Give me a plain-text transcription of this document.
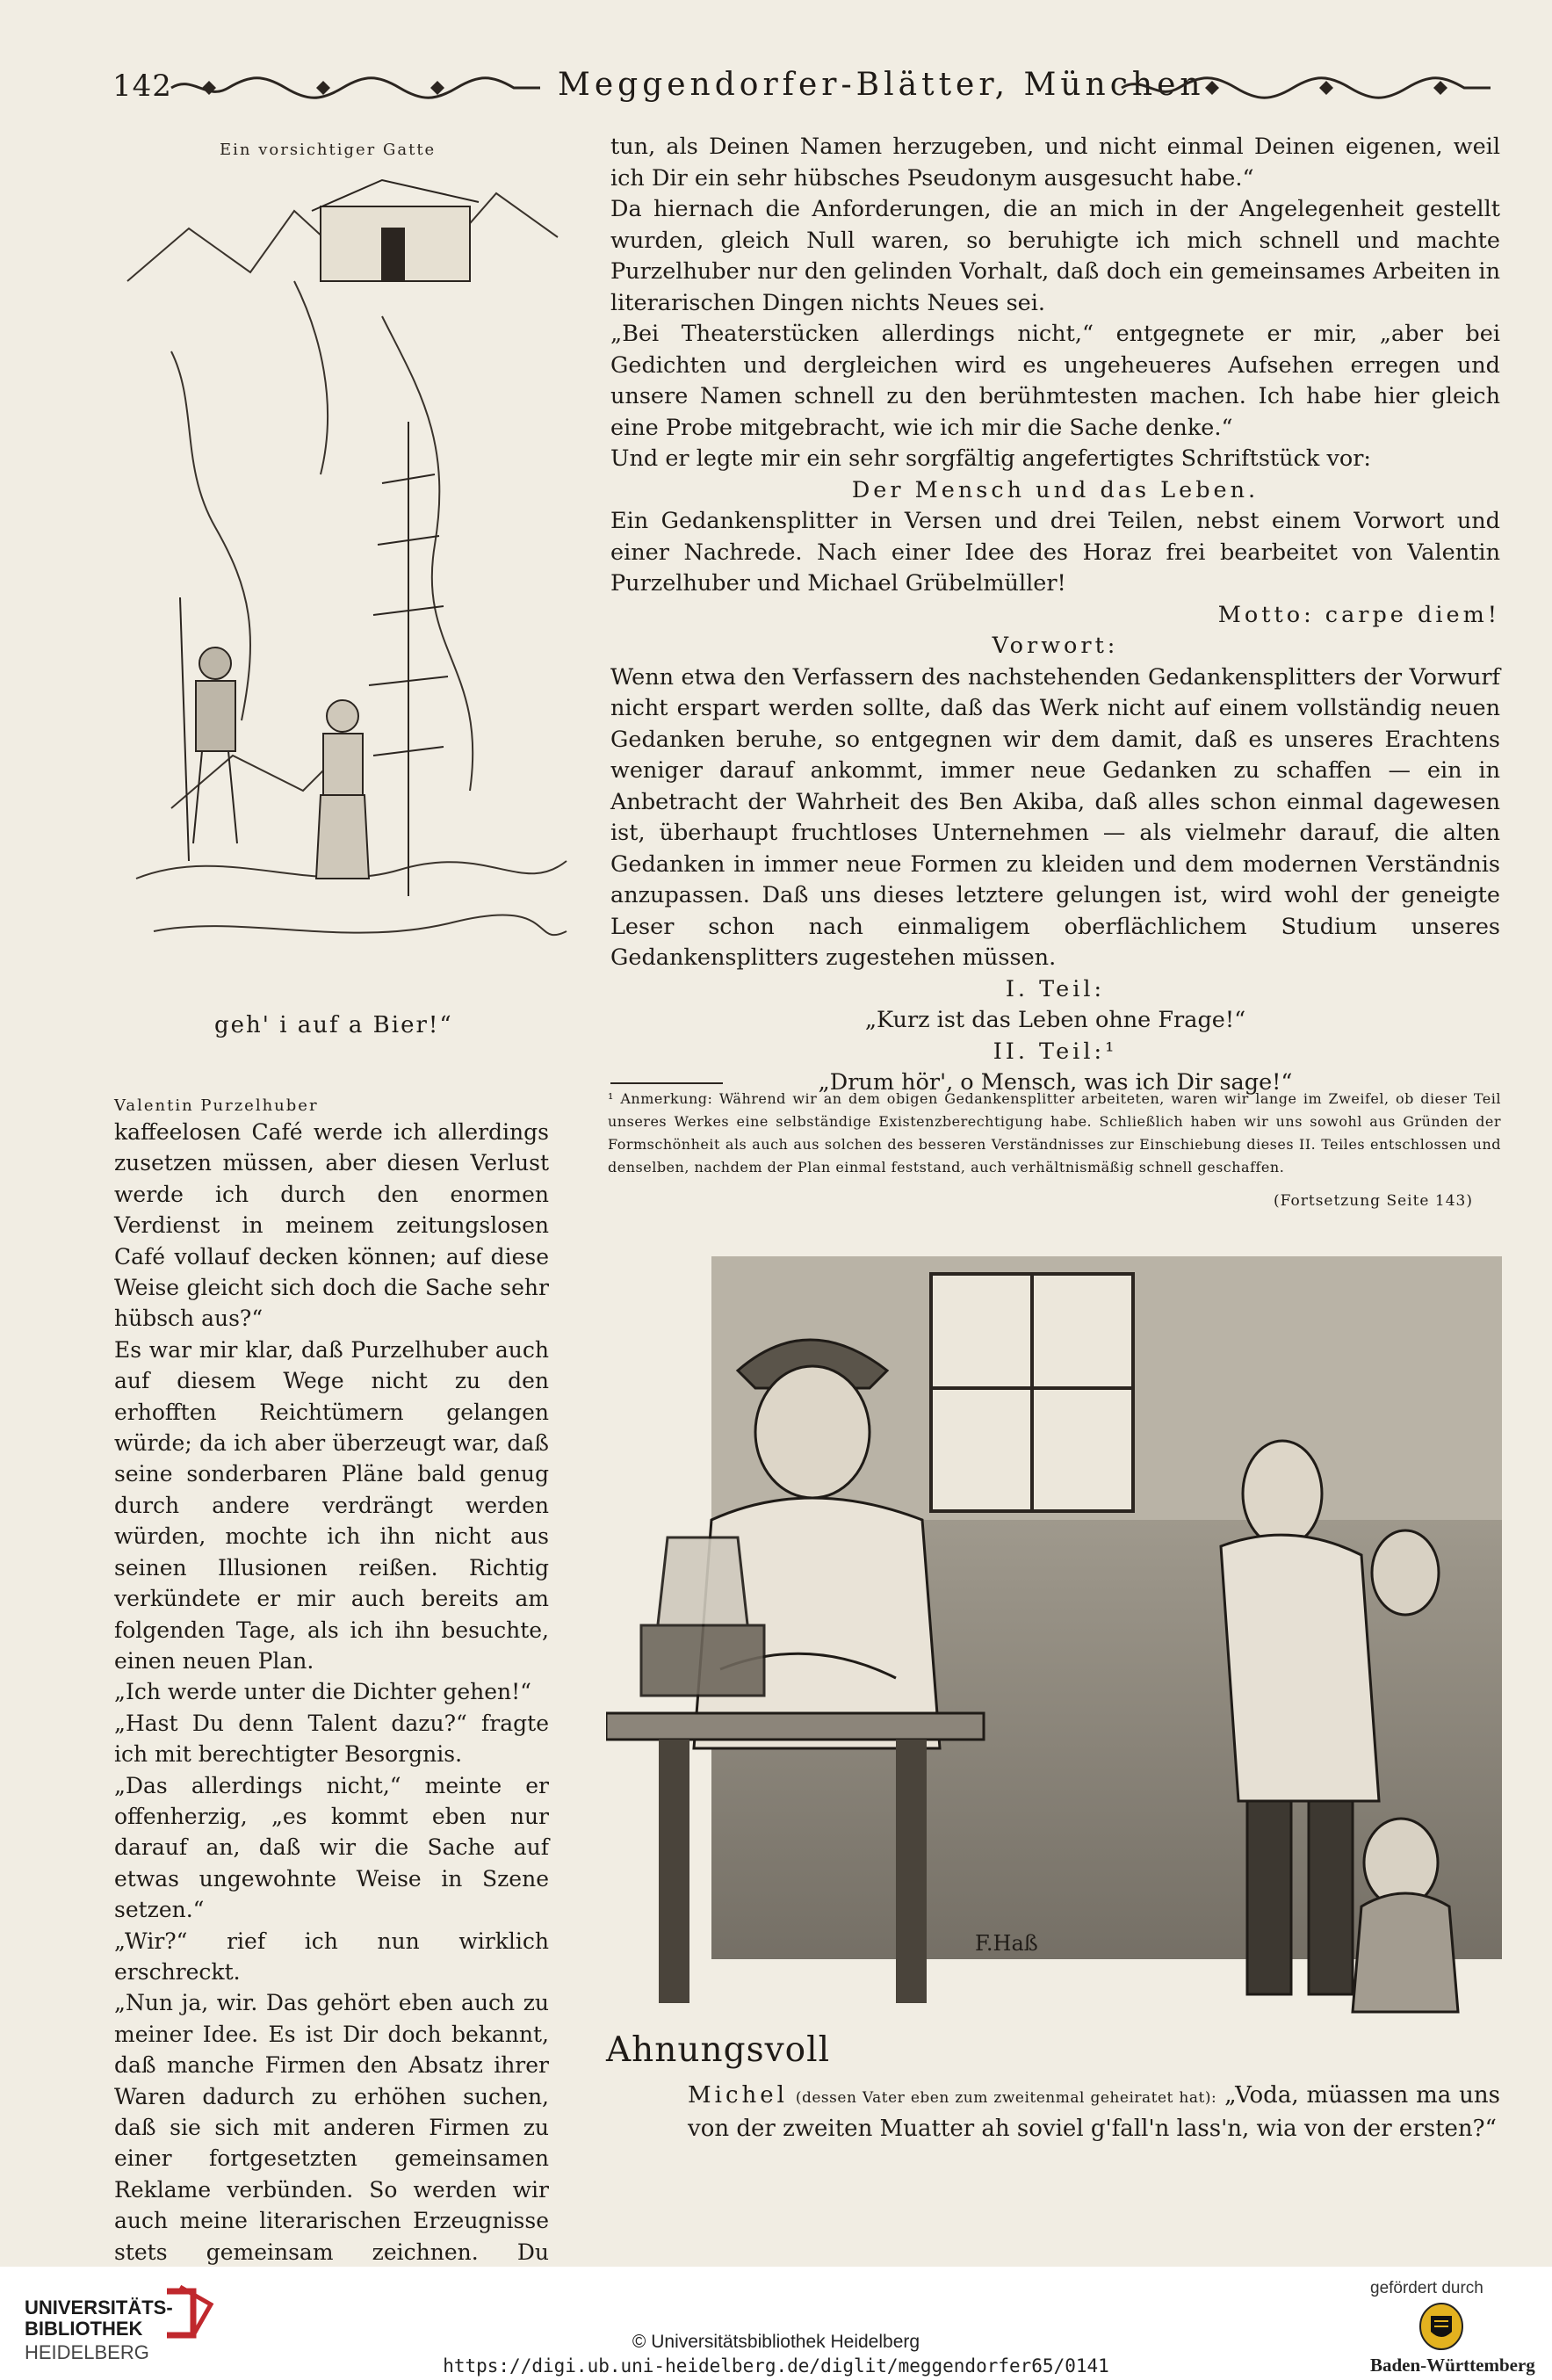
142	Meggendorfer-Blätter, München
Ein vorsichtiger Gatte
geh' i auf a Bier!“
Valentin Purzelhuber

kaffeelosen Café werde ich allerdings zusetzen müssen, aber diesen Verlust werde ich durch den enormen Verdienst in meinem zeitungslosen Café vollauf decken können; auf diese Weise gleicht sich doch die Sache sehr hübsch aus?“

Es war mir klar, daß Purzelhuber auch auf diesem Wege nicht zu den erhofften Reichtümern gelangen würde; da ich aber überzeugt war, daß seine sonderbaren Pläne bald genug durch andere verdrängt werden würden, mochte ich ihn nicht aus seinen Illusionen reißen. Richtig verkündete er mir auch bereits am folgenden Tage, als ich ihn besuchte, einen neuen Plan.

„Ich werde unter die Dichter gehen!“

„Hast Du denn Talent dazu?“ fragte ich mit berechtigter Besorgnis.

„Das allerdings nicht,“ meinte er offenherzig, „es kommt eben nur darauf an, daß wir die Sache auf etwas ungewohnte Weise in Szene setzen.“

„Wir?“ rief ich nun wirklich erschreckt.

„Nun ja, wir. Das gehört eben auch zu meiner Idee. Es ist Dir doch bekannt, daß manche Firmen den Absatz ihrer Waren dadurch zu erhöhen suchen, daß sie sich mit anderen Firmen zu einer fortgesetzten gemeinsamen Reklame verbünden. So werden wir auch meine literarischen Erzeugnisse stets gemeinsam zeichnen. Du

tun, als Deinen Namen herzugeben, und nicht einmal Deinen eigenen, weil ich Dir ein sehr hübsches Pseudonym ausgesucht habe.“

Da hiernach die Anforderungen, die an mich in der Angelegenheit gestellt wurden, gleich Null waren, so beruhigte ich mich schnell und machte Purzelhuber nur den gelinden Vorhalt, daß doch ein gemeinsames Arbeiten in literarischen Dingen nichts Neues sei.

„Bei Theaterstücken allerdings nicht,“ entgegnete er mir, „aber bei Gedichten und dergleichen wird es ungeheueres Aufsehen erregen und unsere Namen schnell zu den berühmtesten machen. Ich habe hier gleich eine Probe mitgebracht, wie ich mir die Sache denke.“

Und er legte mir ein sehr sorgfältig angefertigtes Schriftstück vor:

Der Mensch und das Leben.

Ein Gedankensplitter in Versen und drei Teilen, nebst einem Vorwort und einer Nachrede. Nach einer Idee des Horaz frei bearbeitet von Valentin Purzelhuber und Michael Grübelmüller!

Motto: carpe diem!

Vorwort:

Wenn etwa den Verfassern des nachstehenden Gedankensplitters der Vorwurf nicht erspart werden sollte, daß das Werk nicht auf einem vollständig neuen Gedanken beruhe, so entgegnen wir dem damit, daß es unseres Erachtens weniger darauf ankommt, immer neue Gedanken zu schaffen — ein in Anbetracht der Wahrheit des Ben Akiba, daß alles schon einmal dagewesen ist, überhaupt fruchtloses Unternehmen — als vielmehr darauf, die alten Gedanken in immer neue Formen zu kleiden und dem modernen Verständnis anzupassen. Daß uns dieses letztere gelungen ist, wird wohl der geneigte Leser schon nach einmaligem oberflächlichem Studium unseres Gedankensplitters zugestehen müssen.

I. Teil:

„Kurz ist das Leben ohne Frage!“

II. Teil:¹

„Drum hör', o Mensch, was ich Dir sage!“

¹ Anmerkung: Während wir an dem obigen Gedankensplitter arbeiteten, waren wir lange im Zweifel, ob dieser Teil unseres Werkes eine selbständige Existenzberechtigung habe. Schließlich haben wir uns sowohl aus Gründen der Formschönheit als auch aus solchen des besseren Verständnisses zur Einschiebung dieses II. Teiles entschlossen und denselben, nachdem der Plan einmal feststand, auch verhältnismäßig schnell geschaffen.
(Fortsetzung Seite 143)
F.Haß
Ahnungsvoll
Michel (dessen Vater eben zum zweitenmal geheiratet hat): „Voda, müassen ma uns von der zweiten Muatter ah soviel g'fall'n lass'n, wia von der ersten?“
UNIVERSITÄTS-
BIBLIOTHEK
HEIDELBERG	© Universitätsbibliothek Heidelberg
https://digi.ub.uni-heidelberg.de/diglit/meggendorfer65/0141
gefördert durch
Baden-Württemberg
